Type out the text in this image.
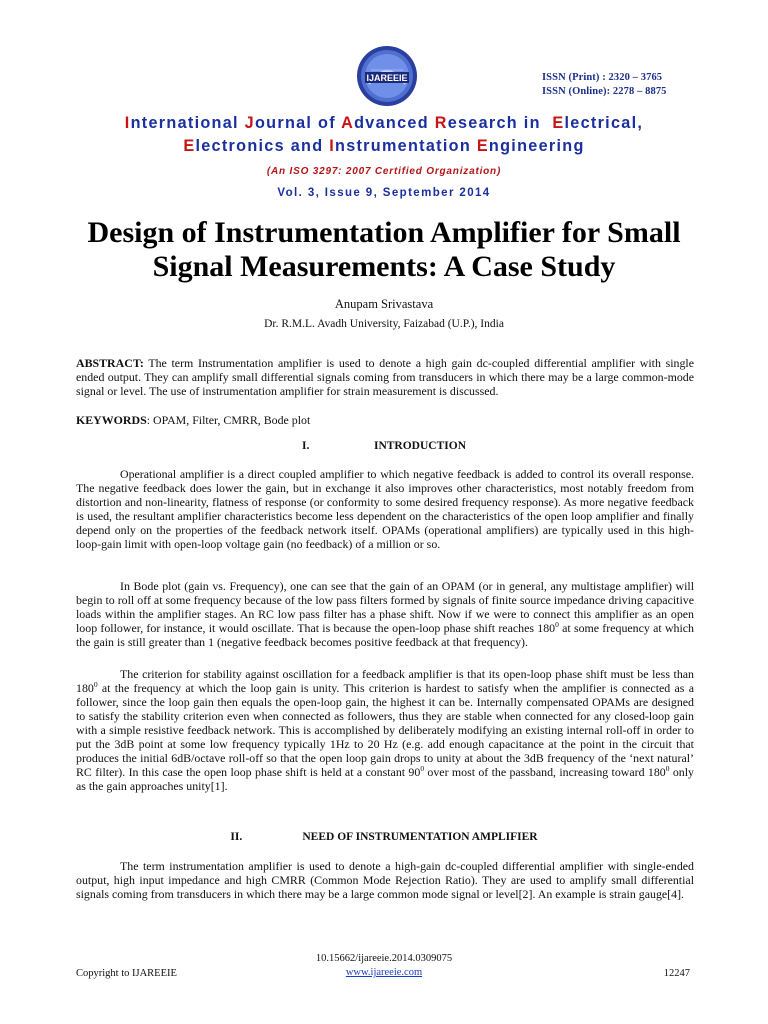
IJAREEIE	ISSN (Print) : 2320 – 3765
ISSN (Online): 2278 – 8875
International Journal of Advanced Research in  Electrical,
Electronics and Instrumentation Engineering
(An ISO 3297: 2007 Certified Organization)
Vol. 3, Issue 9, September 2014
Design of Instrumentation Amplifier for Small Signal Measurements: A Case Study
Anupam Srivastava
Dr. R.M.L. Avadh University, Faizabad (U.P.), India
ABSTRACT: The term Instrumentation amplifier is used to denote a high gain dc-coupled differential amplifier with single ended output. They can amplify small differential signals coming from transducers in which there may be a large common-mode signal or level. The use of instrumentation amplifier for strain measurement is discussed.
KEYWORDS: OPAM, Filter, CMRR, Bode plot
I.	INTRODUCTION
Operational amplifier is a direct coupled amplifier to which negative feedback is added to control its overall response. The negative feedback does lower the gain, but in exchange it also improves other characteristics, most notably freedom from distortion and non-linearity, flatness of response (or conformity to some desired frequency response). As more negative feedback is used, the resultant amplifier characteristics become less dependent on the characteristics of the open loop amplifier and finally depend only on the properties of the feedback network itself. OPAMs (operational amplifiers) are typically used in this high-loop-gain limit with open-loop voltage gain (no feedback) of a million or so.
In Bode plot (gain vs. Frequency), one can see that the gain of an OPAM (or in general, any multistage amplifier) will begin to roll off at some frequency because of the low pass filters formed by signals of finite source impedance driving capacitive loads within the amplifier stages. An RC low pass filter has a phase shift. Now if we were to connect this amplifier as an open loop follower, for instance, it would oscillate. That is because the open-loop phase shift reaches $180^0$ at some frequency at which the gain is still greater than 1 (negative feedback becomes positive feedback at that frequency).
The criterion for stability against oscillation for a feedback amplifier is that its open-loop phase shift must be less than $180^0$ at the frequency at which the loop gain is unity. This criterion is hardest to satisfy when the amplifier is connected as a follower, since the loop gain then equals the open-loop gain, the highest it can be. Internally compensated OPAMs are designed to satisfy the stability criterion even when connected as followers, thus they are stable when connected for any closed-loop gain with a simple resistive feedback network. This is accomplished by deliberately modifying an existing internal roll-off in order to put the 3dB point at some low frequency typically 1Hz to 20 Hz (e.g. add enough capacitance at the point in the circuit that produces the initial 6dB/octave roll-off so that the open loop gain drops to unity at about the 3dB frequency of the ‘next natural’ RC filter). In this case the open loop phase shift is held at a constant $90^0$ over most of the passband, increasing toward $180^0$ only as the gain approaches unity[1].
II.	NEED OF INSTRUMENTATION AMPLIFIER
The term instrumentation amplifier is used to denote a high-gain dc-coupled differential amplifier with single-ended output, high input impedance and high CMRR (Common Mode Rejection Ratio). They are used to amplify small differential signals coming from transducers in which there may be a large common mode signal or level[2]. An example is strain gauge[4].
10.15662/ijareeie.2014.0309075
Copyright to IJAREEIE	www.ijareeie.com	12247
